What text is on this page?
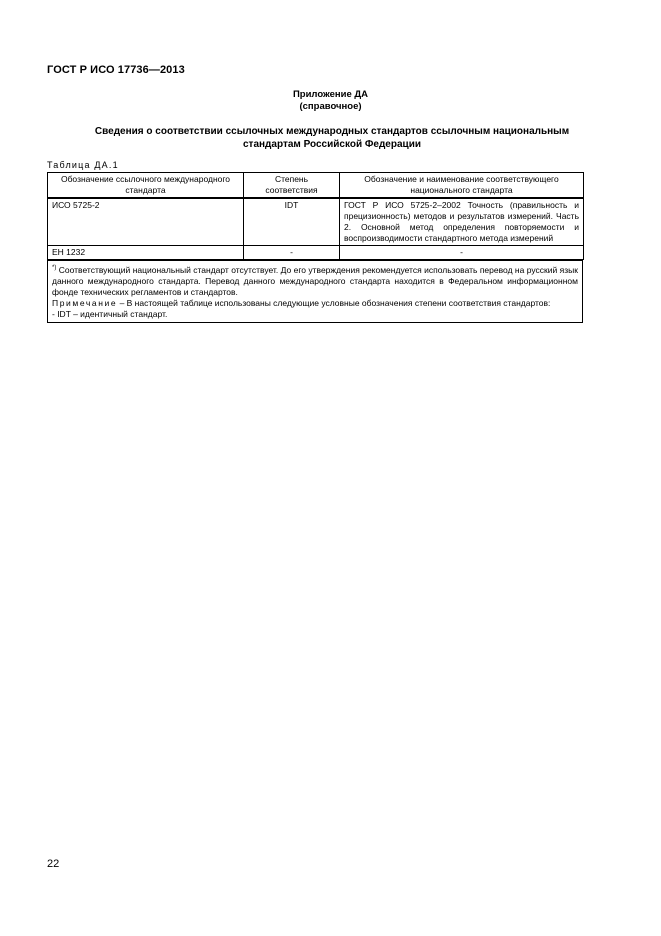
ГОСТ Р ИСО 17736—2013
Приложение ДА
(справочное)
Сведения о соответствии ссылочных международных стандартов ссылочным национальным
стандартам Российской Федерации
Таблица ДА.1
Обозначение ссылочного международного стандарта	Степень соответствия	Обозначение и наименование соответствующего национального стандарта
ИСО 5725-2	IDT	ГОСТ Р ИСО 5725-2–2002 Точность (правильность и прецизионность) методов и результатов измерений. Часть 2. Основной метод определения повторяемости и воспроизводимости стандартного метода измерений
ЕН 1232	-	-

*) Соответствующий национальный стандарт отсутствует. До его утверждения рекомендуется использовать перевод на русский язык данного международного стандарта. Перевод данного международного стандарта находится в Федеральном информационном фонде технических регламентов и стандартов.

Примечание – В настоящей таблице использованы следующие условные обозначения степени соответствия стандартов:

- IDT – идентичный стандарт.

22
